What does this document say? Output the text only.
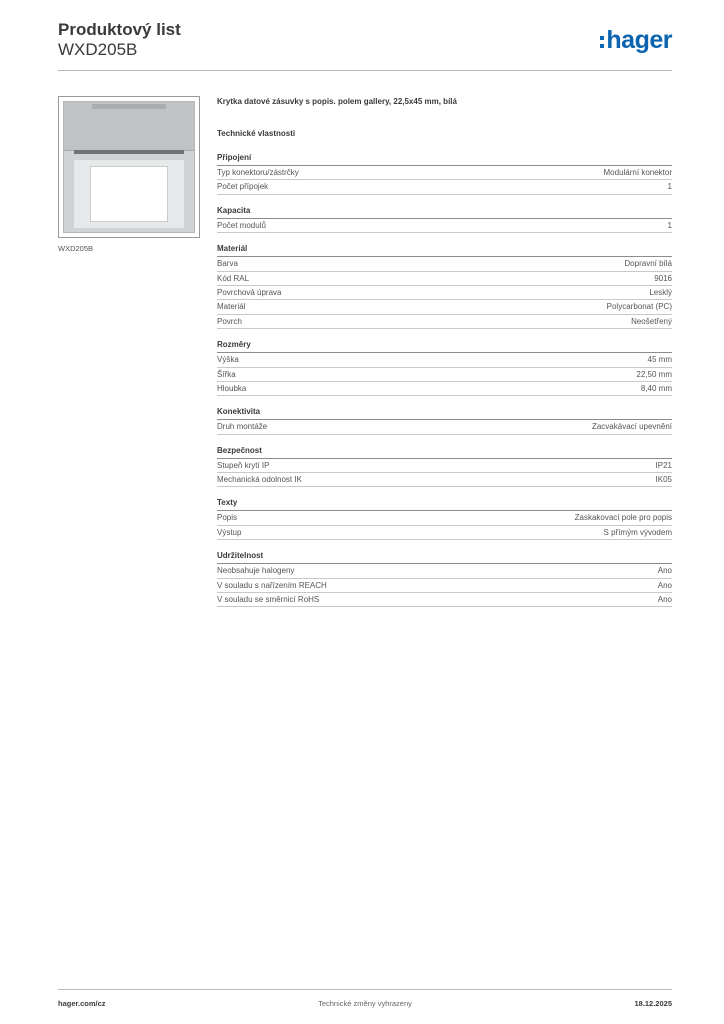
Produktový list
WXD205B	hager
WXD205B
Krytka datové zásuvky s popis. polem gallery, 22,5x45 mm, bílá
Technické vlastnosti
Připojení
Typ konektoru/zástrčky	Modulární konektor
Počet přípojek	1
Kapacita
Počet modulů	1
Materiál
Barva	Dopravní bílá
Kód RAL	9016
Povrchová úprava	Lesklý
Materiál	Polycarbonat (PC)
Povrch	Neošetřený
Rozměry
Výška	45 mm
Šířka	22,50 mm
Hloubka	8,40 mm
Konektivita
Druh montáže	Zacvakávací upevnění
Bezpečnost
Stupeň krytí IP	IP21
Mechanická odolnost IK	IK05
Texty
Popis	Zaskakovací pole pro popis
Výstup	S přímým vývodem
Udržitelnost
Neobsahuje halogeny	Ano
V souladu s nařízením REACH	Ano
V souladu se směrnicí RoHS	Ano
hager.com/cz	Technické změny vyhrazeny	18.12.2025
